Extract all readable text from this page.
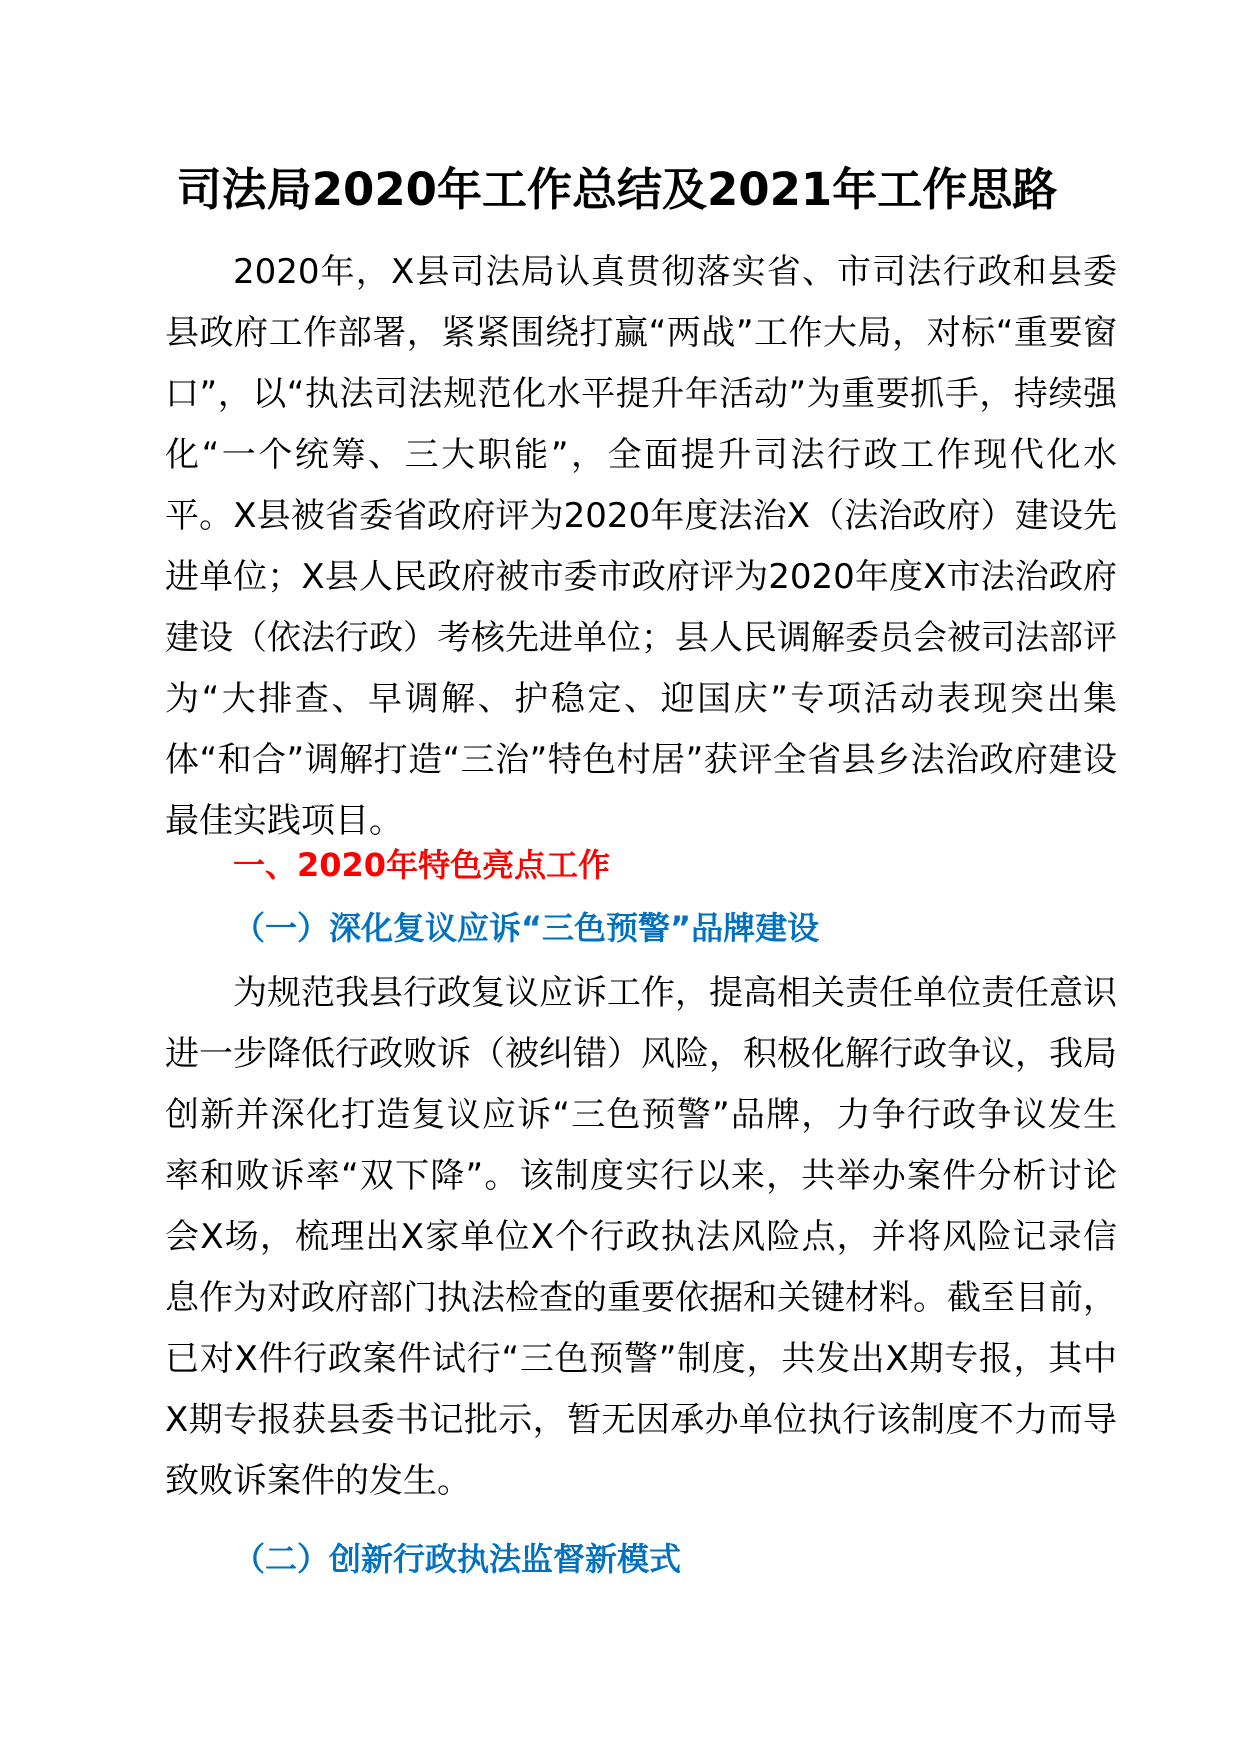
司法局2020年工作总结及2021年工作思路

2020年，X县司法局认真贯彻落实省、市司法行政和县委县政府工作部署，紧紧围绕打赢“两战”工作大局，对标“重要窗口”，以“执法司法规范化水平提升年活动”为重要抓手，持续强化“一个统筹、三大职能”，全面提升司法行政工作现代化水平。X县被省委省政府评为2020年度法治X（法治政府）建设先进单位；X县人民政府被市委市政府评为2020年度X市法治政府建设（依法行政）考核先进单位；县人民调解委员会被司法部评为“大排查、早调解、护稳定、迎国庆”专项活动表现突出集体“和合”调解打造“三治”特色村居”获评全省县乡法治政府建设最佳实践项目。

一、2020年特色亮点工作
（一）深化复议应诉“三色预警”品牌建设

为规范我县行政复议应诉工作，提高相关责任单位责任意识进一步降低行政败诉（被纠错）风险，积极化解行政争议，我局创新并深化打造复议应诉“三色预警”品牌，力争行政争议发生率和败诉率“双下降”。该制度实行以来，共举办案件分析讨论会X场，梳理出X家单位X个行政执法风险点，并将风险记录信息作为对政府部门执法检查的重要依据和关键材料。截至目前，已对X件行政案件试行“三色预警”制度，共发出X期专报，其中X期专报获县委书记批示，暂无因承办单位执行该制度不力而导致败诉案件的发生。

（二）创新行政执法监督新模式
